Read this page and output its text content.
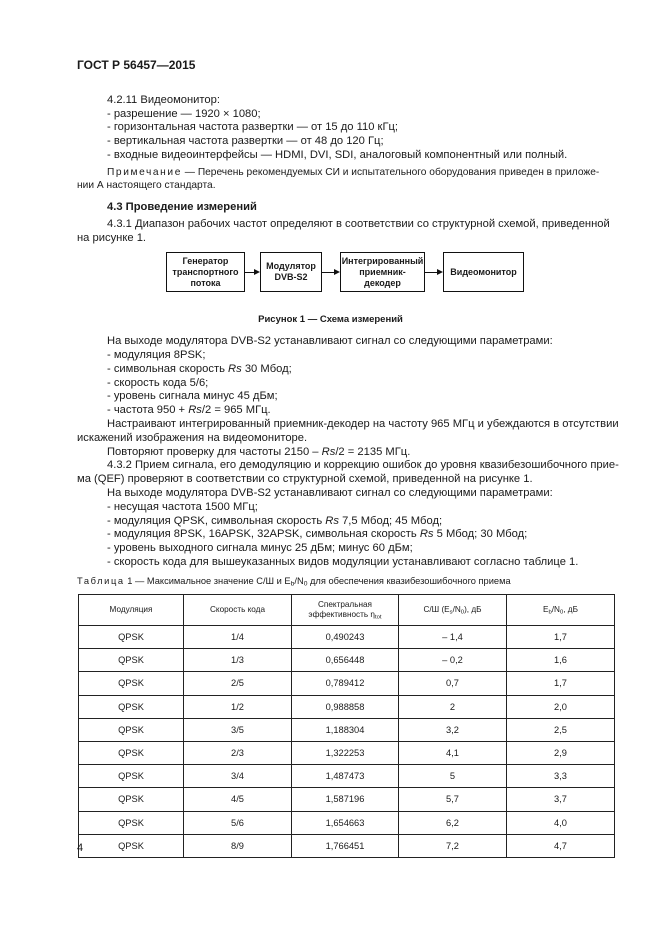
ГОСТ Р 56457—2015
4.2.11 Видеомонитор:
- разрешение — 1920 × 1080;
- горизонтальная частота развертки — от 15 до 110 кГц;
- вертикальная частота развертки — от 48 до 120 Гц;
- входные видеоинтерфейсы — HDMI, DVI, SDI, аналоговый компонентный или полный.
Примечание — Перечень рекомендуемых СИ и испытательного оборудования приведен в приложе-
нии А настоящего стандарта.
4.3 Проведение измерений
4.3.1 Диапазон рабочих частот определяют в соответствии со структурной схемой, приведенной
на рисунке 1.
Генератор
транспортного
потока
Модулятор
DVB-S2
Интегрированный
приемник-
декодер
Видеомонитор
Рисунок 1 — Схема измерений
На выходе модулятора DVB-S2 устанавливают сигнал со следующими параметрами:
- модуляция 8PSK;
- символьная скорость Rs 30 Мбод;
- скорость кода 5/6;
- уровень сигнала минус 45 дБм;
- частота 950 + Rs/2 = 965 МГц.
Настраивают интегрированный приемник-декодер на частоту 965 МГц и убеждаются в отсутствии
искажений изображения на видеомониторе.
Повторяют проверку для частоты 2150 – Rs/2 = 2135 МГц.
4.3.2 Прием сигнала, его демодуляцию и коррекцию ошибок до уровня квазибезошибочного прие-
ма (QEF) проверяют в соответствии со структурной схемой, приведенной на рисунке 1.
На выходе модулятора DVB-S2 устанавливают сигнал со следующими параметрами:
- несущая частота 1500 МГц;
- модуляция QPSK, символьная скорость Rs 7,5 Мбод; 45 Мбод;
- модуляция 8PSK, 16APSK, 32APSK, символьная скорость Rs 5 Мбод; 30 Мбод;
- уровень выходного сигнала минус 25 дБм; минус 60 дБм;
- скорость кода для вышеуказанных видов модуляции устанавливают согласно таблице 1.
Таблица 1 — Максимальное значение С/Ш и $E_b/N_0$ для обеспечения квазибезошибочного приема
Модуляция	Скорость кода	Спектральная
эффективность $\eta_{tot}$	С/Ш $(E_s/N_0)$, дБ	$E_b/N_0$, дБ
QPSK	1/4	0,490243	– 1,4	1,7
QPSK	1/3	0,656448	– 0,2	1,6
QPSK	2/5	0,789412	0,7	1,7
QPSK	1/2	0,988858	2	2,0
QPSK	3/5	1,188304	3,2	2,5
QPSK	2/3	1,322253	4,1	2,9
QPSK	3/4	1,487473	5	3,3
QPSK	4/5	1,587196	5,7	3,7
QPSK	5/6	1,654663	6,2	4,0
QPSK	8/9	1,766451	7,2	4,7
4
